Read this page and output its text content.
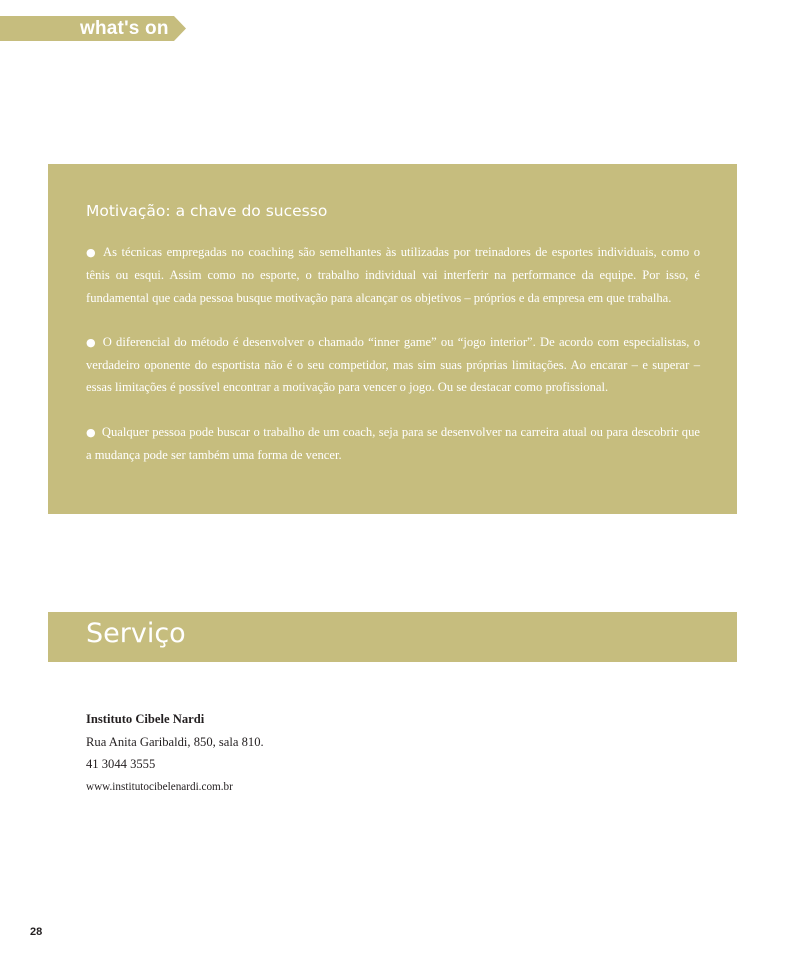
what's on
Motivação: a chave do sucesso
● As técnicas empregadas no coaching são semelhantes às utilizadas por treinadores de esportes individuais, como o tênis ou esqui. Assim como no esporte, o trabalho individual vai interferir na performance da equipe. Por isso, é fundamental que cada pessoa busque motivação para alcançar os objetivos – próprios e da empresa em que trabalha.
● O diferencial do método é desenvolver o chamado “inner game” ou “jogo interior”. De acordo com especialistas, o verdadeiro oponente do esportista não é o seu competidor, mas sim suas próprias limitações. Ao encarar – e superar – essas limitações é possível encontrar a motivação para vencer o jogo. Ou se destacar como profissional.
● Qualquer pessoa pode buscar o trabalho de um coach, seja para se desenvolver na carreira atual ou para descobrir que a mudança pode ser também uma forma de vencer.
Serviço
Instituto Cibele Nardi
Rua Anita Garibaldi, 850, sala 810.
41 3044 3555
www.institutocibelenardi.com.br
28
